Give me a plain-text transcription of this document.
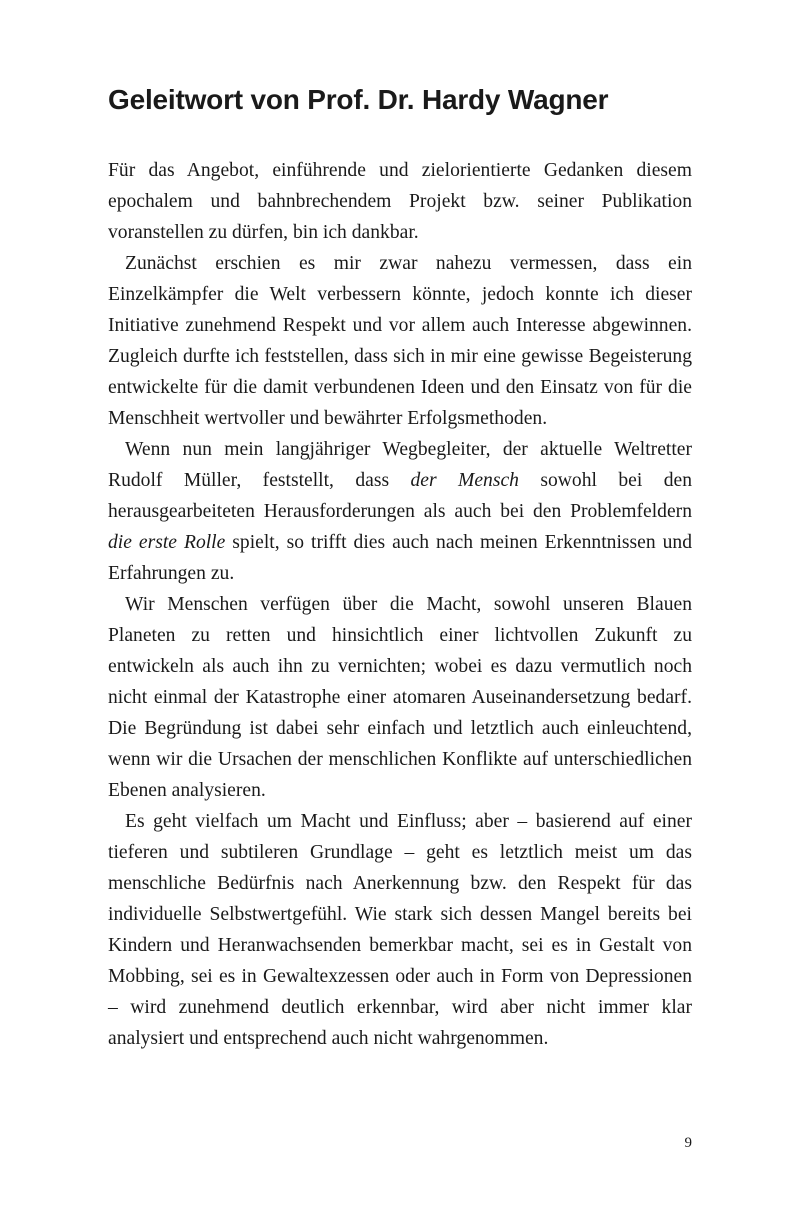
Geleitwort von Prof. Dr. Hardy Wagner

Für das Angebot, einführende und zielorientierte Gedanken diesem epochalem und bahnbrechendem Projekt bzw. seiner Publikation voranstellen zu dürfen, bin ich dankbar.

Zunächst erschien es mir zwar nahezu vermessen, dass ein Einzelkämpfer die Welt verbessern könnte, jedoch konnte ich dieser Initiative zunehmend Respekt und vor allem auch Interesse abgewinnen. Zugleich durfte ich feststellen, dass sich in mir eine gewisse Begeisterung entwickelte für die damit verbundenen Ideen und den Einsatz von für die Menschheit wertvoller und bewährter Erfolgsmethoden.

Wenn nun mein langjähriger Wegbegleiter, der aktuelle Weltretter Rudolf Müller, feststellt, dass der Mensch sowohl bei den herausgearbeiteten Herausforderungen als auch bei den Problemfeldern die erste Rolle spielt, so trifft dies auch nach meinen Erkenntnissen und Erfahrungen zu.

Wir Menschen verfügen über die Macht, sowohl unseren Blauen Planeten zu retten und hinsichtlich einer lichtvollen Zukunft zu entwickeln als auch ihn zu vernichten; wobei es dazu vermutlich noch nicht einmal der Katastrophe einer atomaren Auseinandersetzung bedarf. Die Begründung ist dabei sehr einfach und letztlich auch einleuchtend, wenn wir die Ursachen der menschlichen Konflikte auf unterschiedlichen Ebenen analysieren.

Es geht vielfach um Macht und Einfluss; aber – basierend auf einer tieferen und subtileren Grundlage – geht es letztlich meist um das menschliche Bedürfnis nach Anerkennung bzw. den Respekt für das individuelle Selbstwertgefühl. Wie stark sich dessen Mangel bereits bei Kindern und Heranwachsenden bemerkbar macht, sei es in Gestalt von Mobbing, sei es in Gewaltexzessen oder auch in Form von Depressionen – wird zunehmend deutlich erkennbar, wird aber nicht immer klar analysiert und entsprechend auch nicht wahrgenommen.

9
